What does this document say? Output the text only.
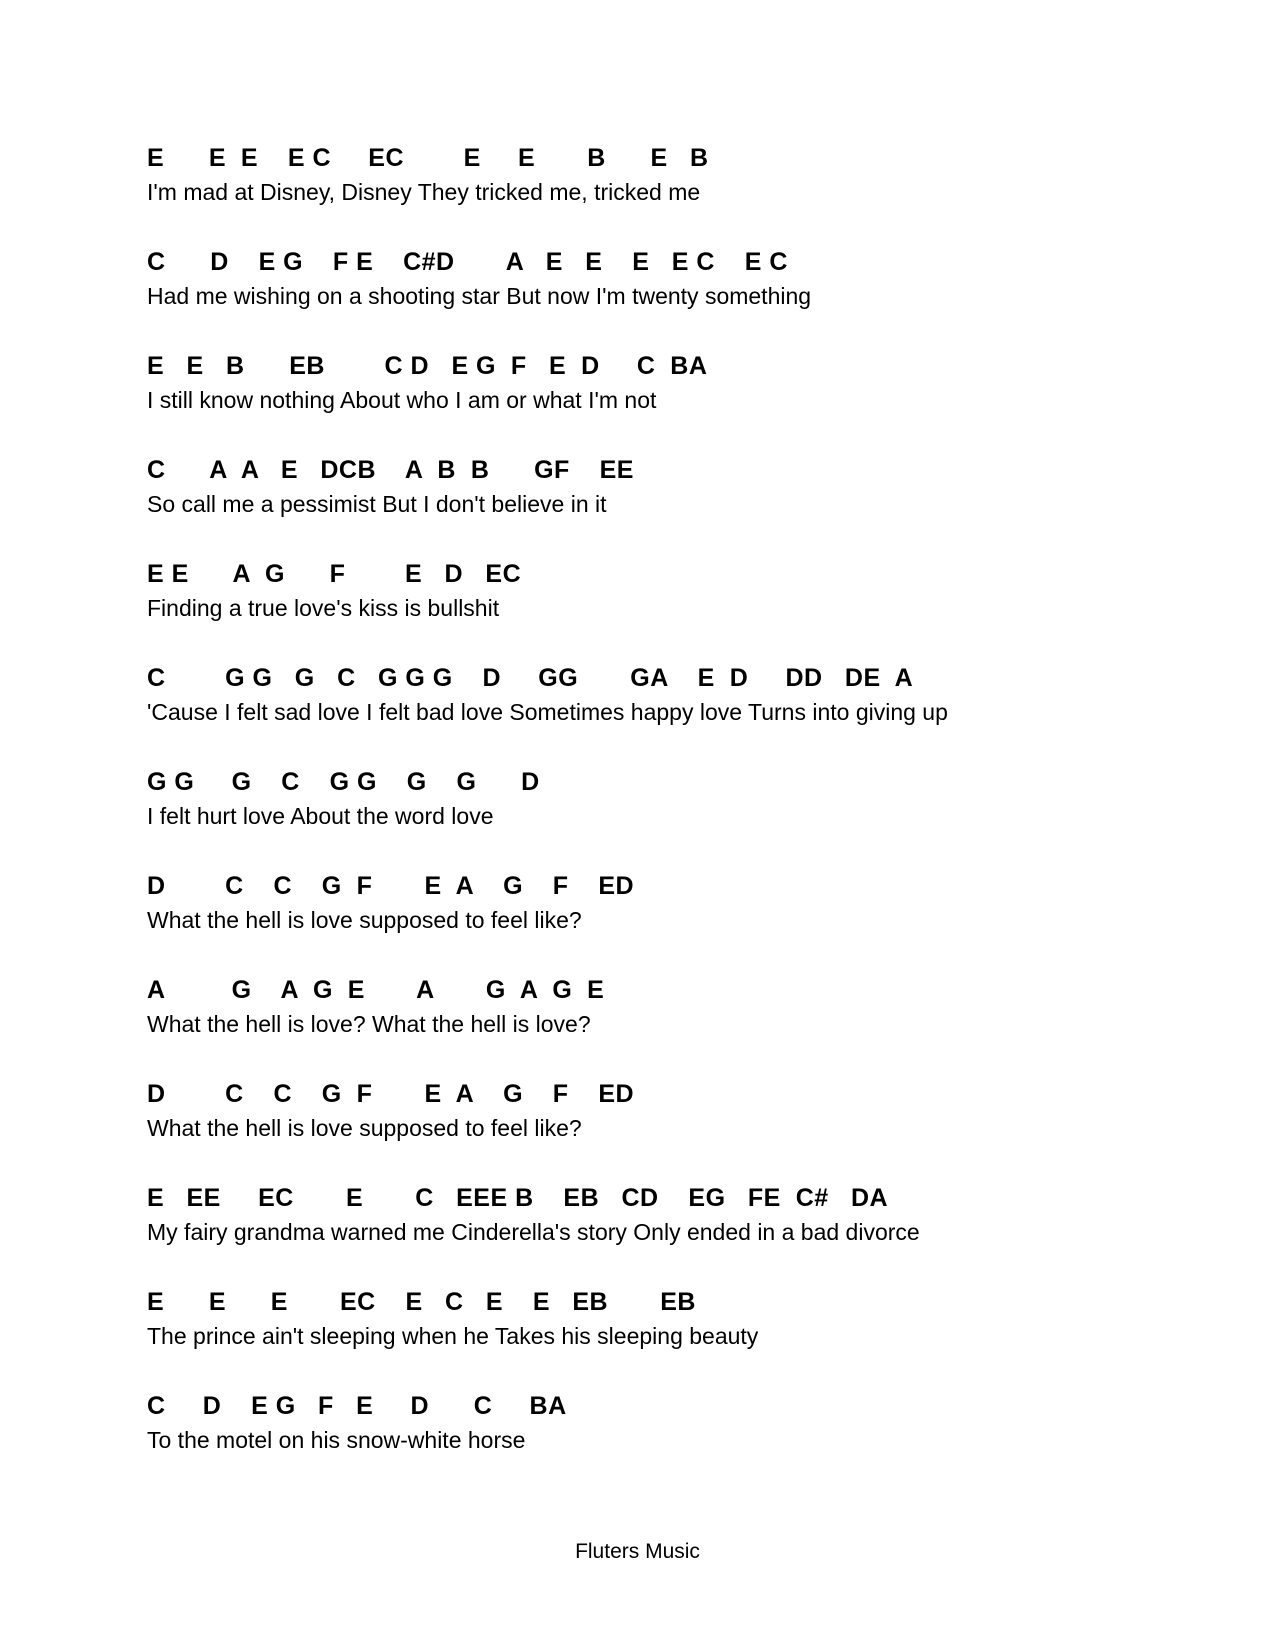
E      E  E    E C     EC        E     E       B      E   B
I'm mad at Disney, Disney They tricked me, tricked me
C      D    E G    F E    C#D       A   E   E    E   E C    E C
Had me wishing on a shooting star But now I'm twenty something
E   E   B      EB        C D   E G  F   E  D     C  BA
I still know nothing About who I am or what I'm not
C      A  A   E   DCB    A  B  B      GF    EE
So call me a pessimist But I don't believe in it
E E      A  G      F        E   D   EC
Finding a true love's kiss is bullshit
C        G G   G   C   G G G    D     GG       GA    E  D     DD   DE  A
'Cause I felt sad love I felt bad love Sometimes happy love Turns into giving up
G G     G    C    G G    G    G      D
I felt hurt love About the word love
D        C    C    G  F       E  A    G    F    ED
What the hell is love supposed to feel like?
A         G    A  G  E       A       G  A  G  E
What the hell is love? What the hell is love?
D        C    C    G  F       E  A    G    F    ED
What the hell is love supposed to feel like?
E   EE     EC       E       C   EEE B    EB   CD    EG   FE  C#   DA
My fairy grandma warned me Cinderella's story Only ended in a bad divorce
E      E      E       EC    E   C   E    E   EB       EB
The prince ain't sleeping when he Takes his sleeping beauty
C     D    E G   F   E     D      C     BA
To the motel on his snow-white horse
Fluters Music
